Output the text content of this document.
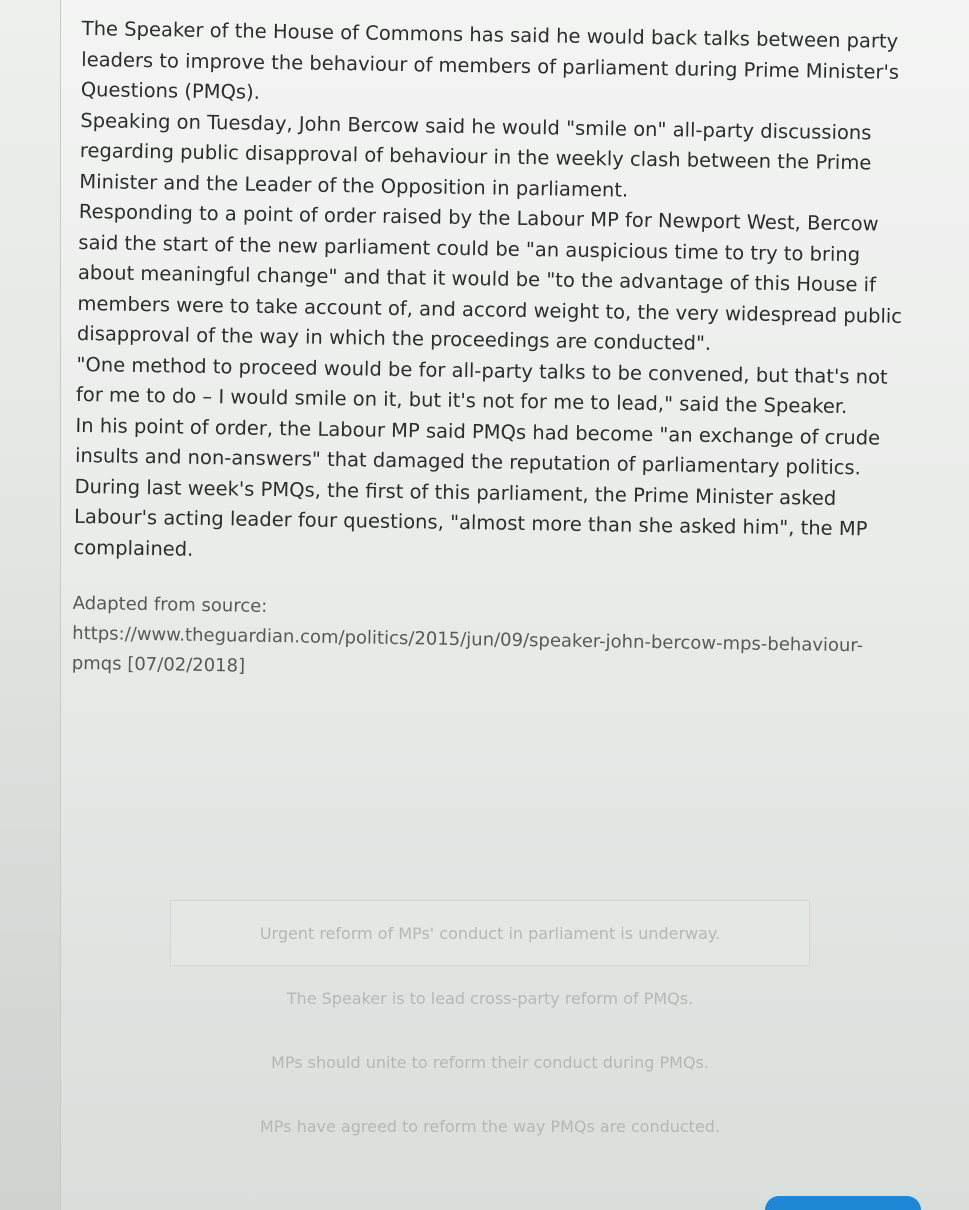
The Speaker of the House of Commons has said he would back talks between party leaders to improve the behaviour of members of parliament during Prime Minister's Questions (PMQs).

Speaking on Tuesday, John Bercow said he would "smile on" all-party discussions regarding public disapproval of behaviour in the weekly clash between the Prime Minister and the Leader of the Opposition in parliament.

Responding to a point of order raised by the Labour MP for Newport West, Bercow said the start of the new parliament could be "an auspicious time to try to bring about meaningful change" and that it would be "to the advantage of this House if members were to take account of, and accord weight to, the very widespread public disapproval of the way in which the proceedings are conducted".

"One method to proceed would be for all-party talks to be convened, but that's not for me to do – I would smile on it, but it's not for me to lead," said the Speaker.

In his point of order, the Labour MP said PMQs had become "an exchange of crude insults and non-answers" that damaged the reputation of parliamentary politics. During last week's PMQs, the first of this parliament, the Prime Minister asked Labour's acting leader four questions, "almost more than she asked him", the MP complained.

Adapted from source:
https://www.theguardian.com/politics/2015/jun/09/speaker-john-bercow-mps-behaviour-pmqs [07/02/2018]

Urgent reform of MPs' conduct in parliament is underway.
The Speaker is to lead cross-party reform of PMQs.
MPs should unite to reform their conduct during PMQs.
MPs have agreed to reform the way PMQs are conducted.
